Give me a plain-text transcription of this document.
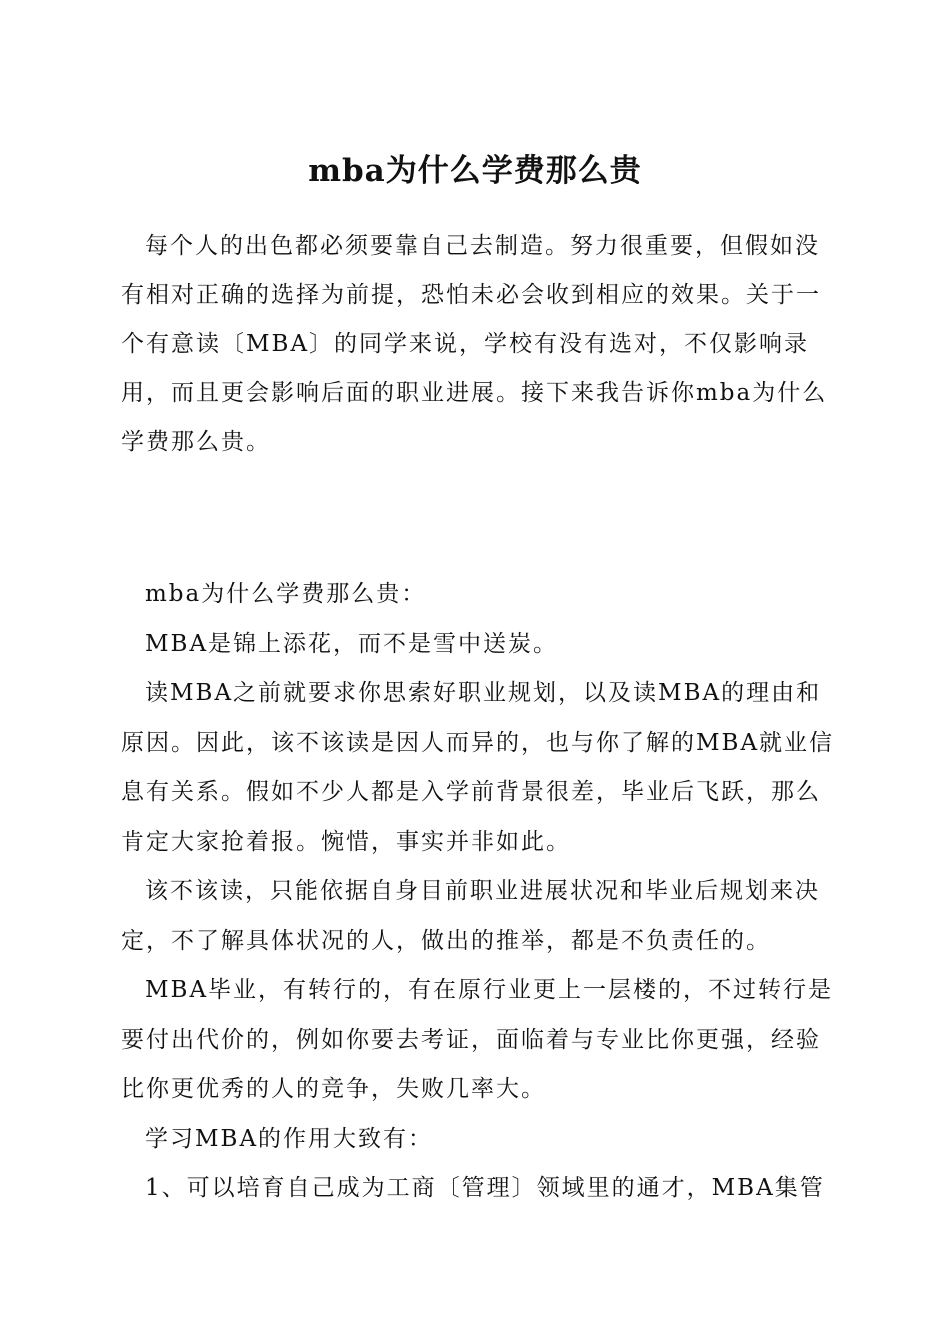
mba为什么学费那么贵

每个人的出色都必须要靠自己去制造。努力很重要，但假如没有相对正确的选择为前提，恐怕未必会收到相应的效果。关于一个有意读〔MBA〕的同学来说，学校有没有选对，不仅影响录用，而且更会影响后面的职业进展。接下来我告诉你mba为什么学费那么贵。

mba为什么学费那么贵：

MBA是锦上添花，而不是雪中送炭。

读MBA之前就要求你思索好职业规划，以及读MBA的理由和原因。因此，该不该读是因人而异的，也与你了解的MBA就业信息有关系。假如不少人都是入学前背景很差，毕业后飞跃，那么肯定大家抢着报。惋惜，事实并非如此。

该不该读，只能依据自身目前职业进展状况和毕业后规划来决定，不了解具体状况的人，做出的推举，都是不负责任的。

MBA毕业，有转行的，有在原行业更上一层楼的，不过转行是要付出代价的，例如你要去考证，面临着与专业比你更强，经验比你更优秀的人的竞争，失败几率大。

学习MBA的作用大致有：

1、可以培育自己成为工商〔管理〕领域里的通才，MBA集管
